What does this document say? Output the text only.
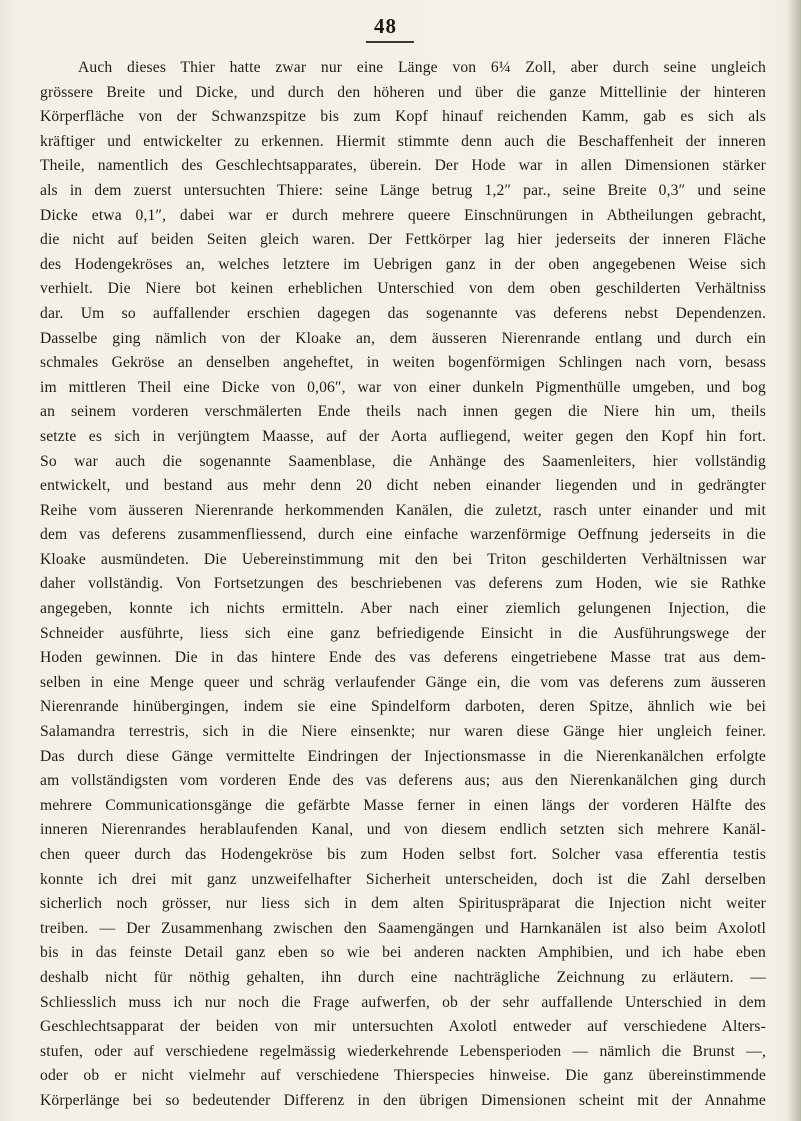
48
Auch dieses Thier hatte zwar nur eine Länge von 6¼ Zoll, aber durch seine ungleich
grössere Breite und Dicke, und durch den höheren und über die ganze Mittellinie der hinteren
Körperfläche von der Schwanzspitze bis zum Kopf hinauf reichenden Kamm, gab es sich als
kräftiger und entwickelter zu erkennen. Hiermit stimmte denn auch die Beschaffenheit der inneren
Theile, namentlich des Geschlechtsapparates, überein. Der Hode war in allen Dimensionen stärker
als in dem zuerst untersuchten Thiere: seine Länge betrug 1,2″ par., seine Breite 0,3″ und seine
Dicke etwa 0,1″, dabei war er durch mehrere queere Einschnürungen in Abtheilungen gebracht,
die nicht auf beiden Seiten gleich waren. Der Fettkörper lag hier jederseits der inneren Fläche
des Hodengekröses an, welches letztere im Uebrigen ganz in der oben angegebenen Weise sich
verhielt. Die Niere bot keinen erheblichen Unterschied von dem oben geschilderten Verhältniss
dar. Um so auffallender erschien dagegen das sogenannte vas deferens nebst Dependenzen.
Dasselbe ging nämlich von der Kloake an, dem äusseren Nierenrande entlang und durch ein
schmales Gekröse an denselben angeheftet, in weiten bogenförmigen Schlingen nach vorn, besass
im mittleren Theil eine Dicke von 0,06″, war von einer dunkeln Pigmenthülle umgeben, und bog
an seinem vorderen verschmälerten Ende theils nach innen gegen die Niere hin um, theils
setzte es sich in verjüngtem Maasse, auf der Aorta aufliegend, weiter gegen den Kopf hin fort.
So war auch die sogenannte Saamenblase, die Anhänge des Saamenleiters, hier vollständig
entwickelt, und bestand aus mehr denn 20 dicht neben einander liegenden und in gedrängter
Reihe vom äusseren Nierenrande herkommenden Kanälen, die zuletzt, rasch unter einander und mit
dem vas deferens zusammenfliessend, durch eine einfache warzenförmige Oeffnung jederseits in die
Kloake ausmündeten. Die Uebereinstimmung mit den bei Triton geschilderten Verhältnissen war
daher vollständig. Von Fortsetzungen des beschriebenen vas deferens zum Hoden, wie sie Rathke
angegeben, konnte ich nichts ermitteln. Aber nach einer ziemlich gelungenen Injection, die
Schneider ausführte, liess sich eine ganz befriedigende Einsicht in die Ausführungswege der
Hoden gewinnen. Die in das hintere Ende des vas deferens eingetriebene Masse trat aus dem-
selben in eine Menge queer und schräg verlaufender Gänge ein, die vom vas deferens zum äusseren
Nierenrande hinübergingen, indem sie eine Spindelform darboten, deren Spitze, ähnlich wie bei
Salamandra terrestris, sich in die Niere einsenkte; nur waren diese Gänge hier ungleich feiner.
Das durch diese Gänge vermittelte Eindringen der Injectionsmasse in die Nierenkanälchen erfolgte
am vollständigsten vom vorderen Ende des vas deferens aus; aus den Nierenkanälchen ging durch
mehrere Communicationsgänge die gefärbte Masse ferner in einen längs der vorderen Hälfte des
inneren Nierenrandes herablaufenden Kanal, und von diesem endlich setzten sich mehrere Kanäl-
chen queer durch das Hodengekröse bis zum Hoden selbst fort. Solcher vasa efferentia testis
konnte ich drei mit ganz unzweifelhafter Sicherheit unterscheiden, doch ist die Zahl derselben
sicherlich noch grösser, nur liess sich in dem alten Spirituspräparat die Injection nicht weiter
treiben. — Der Zusammenhang zwischen den Saamengängen und Harnkanälen ist also beim Axolotl
bis in das feinste Detail ganz eben so wie bei anderen nackten Amphibien, und ich habe eben
deshalb nicht für nöthig gehalten, ihn durch eine nachträgliche Zeichnung zu erläutern. —
Schliesslich muss ich nur noch die Frage aufwerfen, ob der sehr auffallende Unterschied in dem
Geschlechtsapparat der beiden von mir untersuchten Axolotl entweder auf verschiedene Alters-
stufen, oder auf verschiedene regelmässig wiederkehrende Lebensperioden — nämlich die Brunst —,
oder ob er nicht vielmehr auf verschiedene Thierspecies hinweise. Die ganz übereinstimmende
Körperlänge bei so bedeutender Differenz in den übrigen Dimensionen scheint mit der Annahme
